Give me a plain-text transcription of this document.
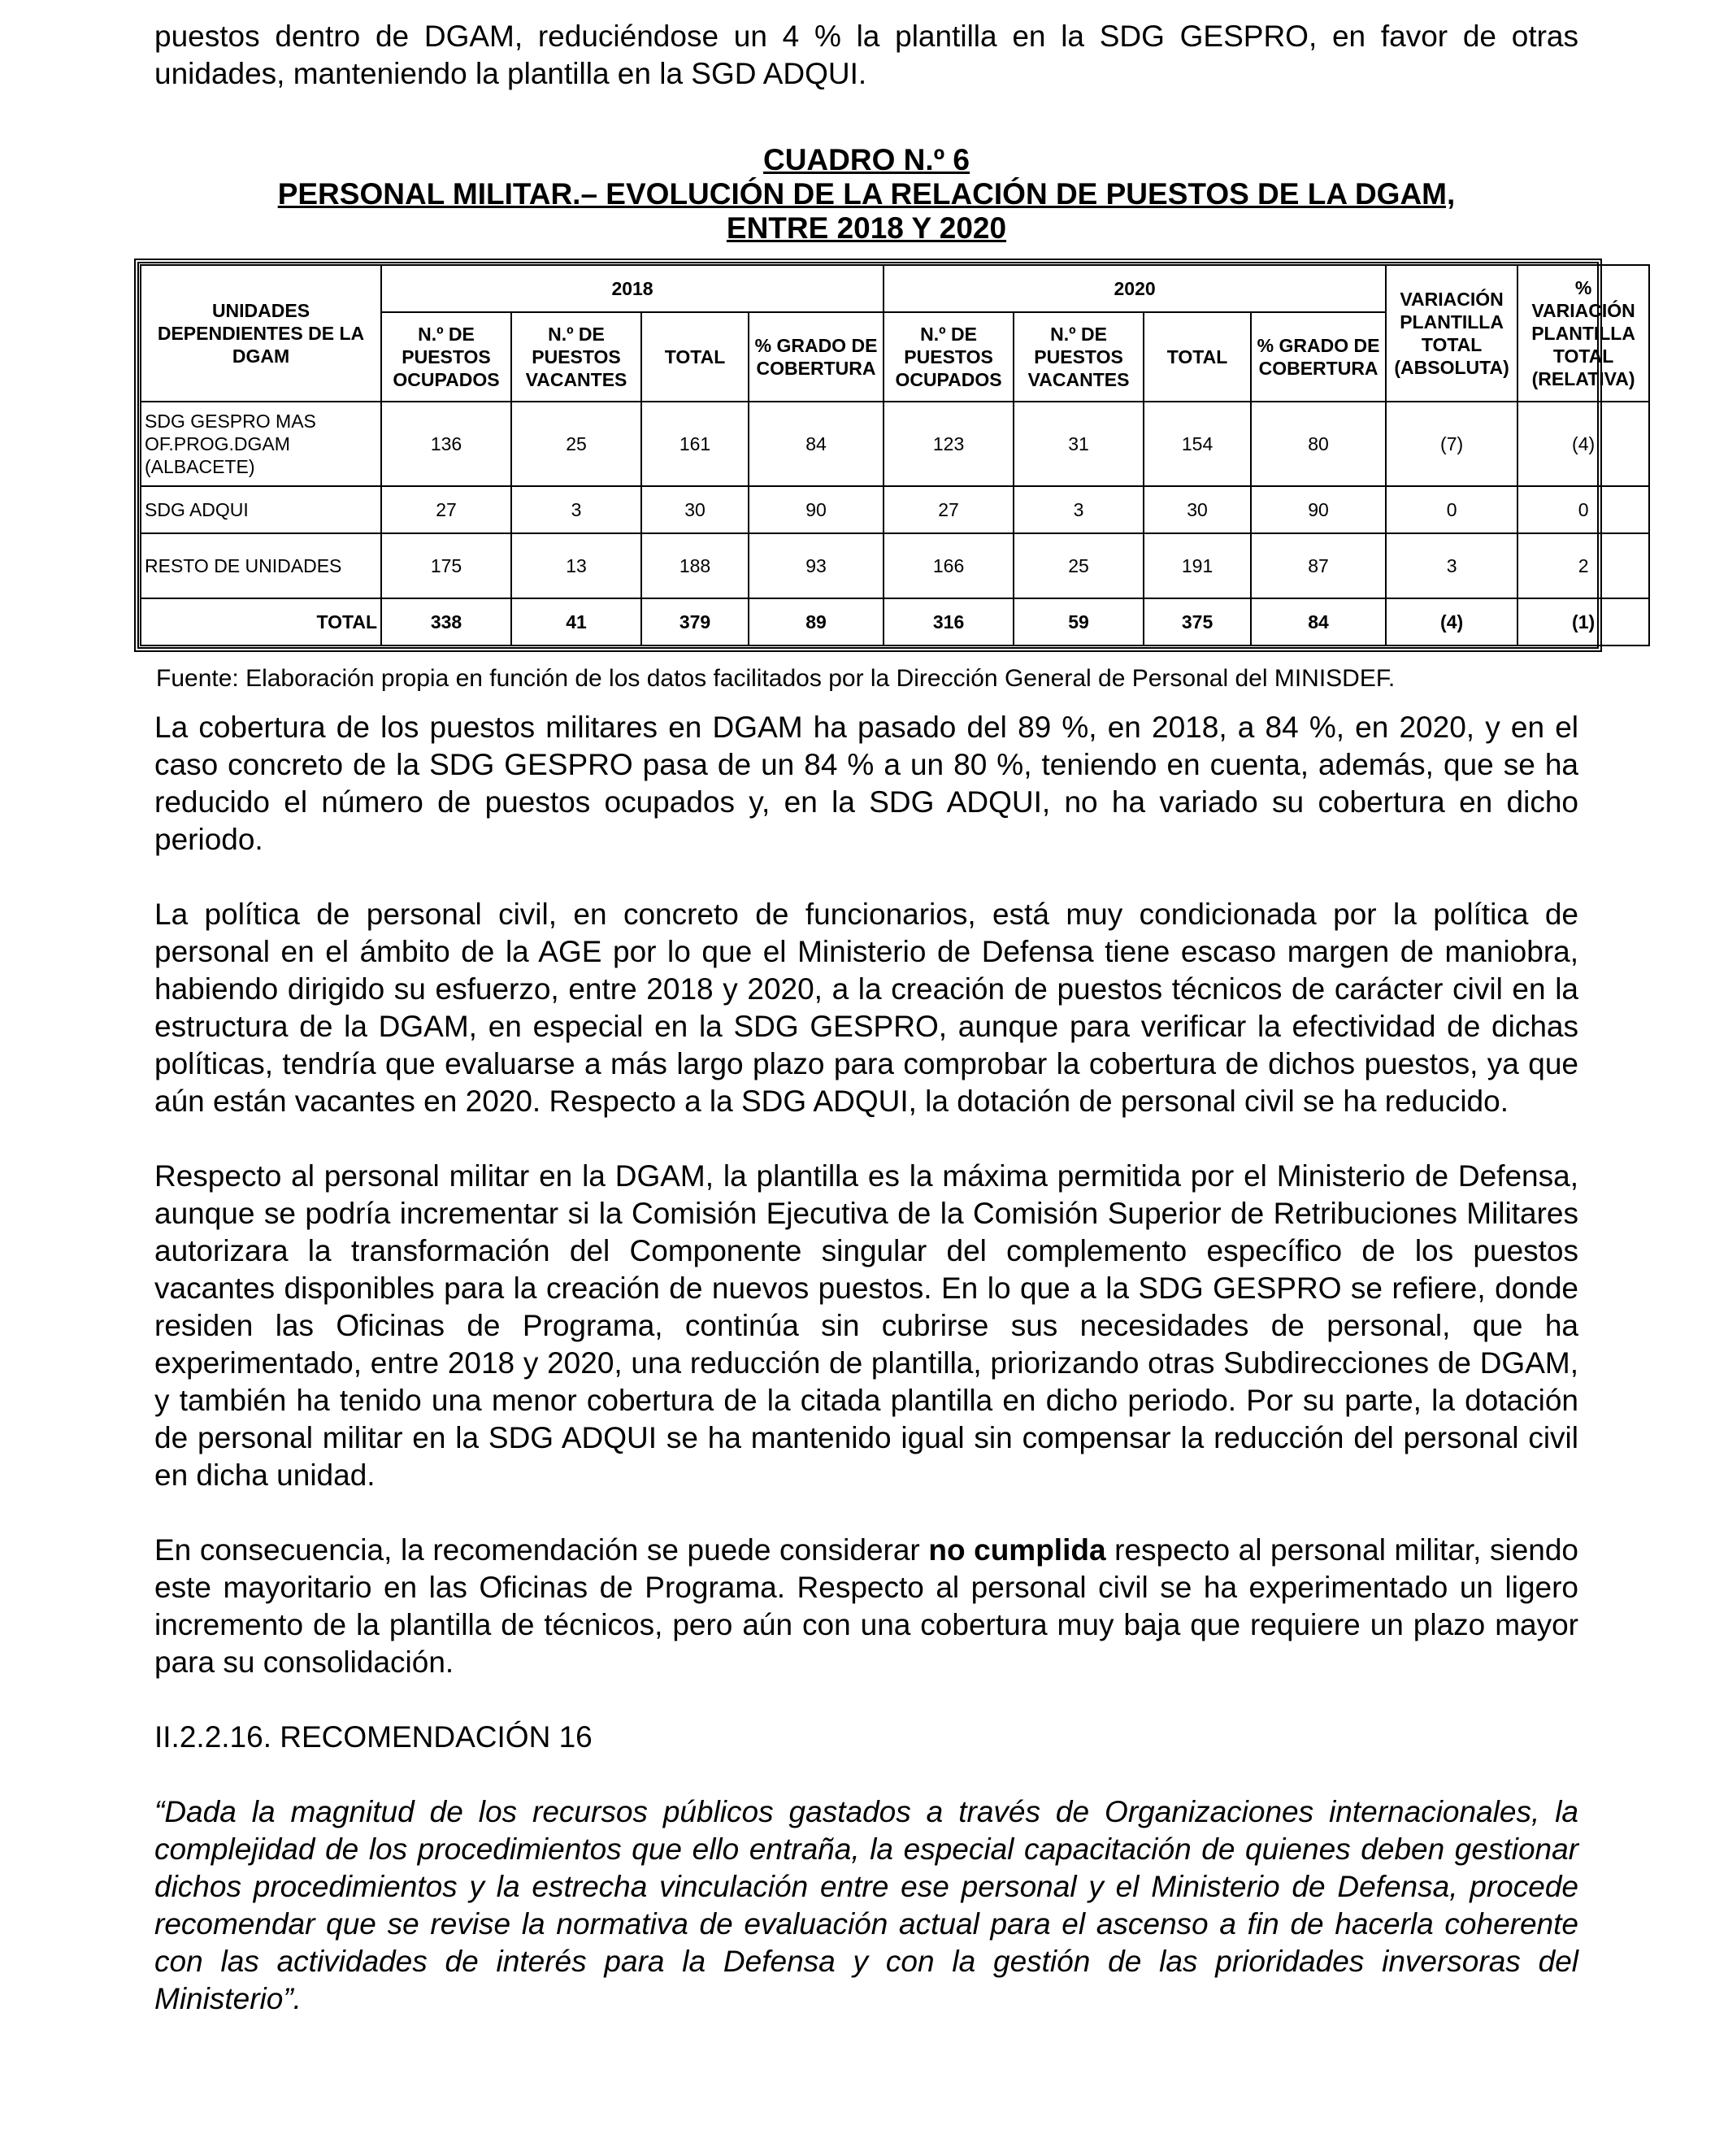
puestos dentro de DGAM, reduciéndose un 4 % la plantilla en la SDG GESPRO, en favor de otras unidades, manteniendo la plantilla en la SGD ADQUI.

CUADRO N.º 6

PERSONAL MILITAR.– EVOLUCIÓN DE LA RELACIÓN DE PUESTOS DE LA DGAM,

ENTRE 2018 Y 2020

UNIDADES DEPENDIENTES DE LA DGAM	2018				2020				VARIACIÓN PLANTILLA TOTAL (ABSOLUTA)	% VARIACIÓN PLANTILLA TOTAL (RELATIVA)
	N.º DE PUESTOS OCUPADOS	N.º DE PUESTOS VACANTES	TOTAL	% GRADO DE COBERTURA	N.º DE PUESTOS OCUPADOS	N.º DE PUESTOS VACANTES	TOTAL	% GRADO DE COBERTURA		
SDG GESPRO MAS OF.PROG.DGAM (ALBACETE)	136	25	161	84	123	31	154	80	(7)	(4)
SDG ADQUI	27	3	30	90	27	3	30	90	0	0
RESTO DE UNIDADES	175	13	188	93	166	25	191	87	3	2
TOTAL	338	41	379	89	316	59	375	84	(4)	(1)
Fuente: Elaboración propia en función de los datos facilitados por la Dirección General de Personal del MINISDEF.

La cobertura de los puestos militares en DGAM ha pasado del 89 %, en 2018, a 84 %, en 2020, y en el caso concreto de la SDG GESPRO pasa de un 84 % a un 80 %, teniendo en cuenta, además, que se ha reducido el número de puestos ocupados y, en la SDG ADQUI, no ha variado su cobertura en dicho periodo.

La política de personal civil, en concreto de funcionarios, está muy condicionada por la política de personal en el ámbito de la AGE por lo que el Ministerio de Defensa tiene escaso margen de maniobra, habiendo dirigido su esfuerzo, entre 2018 y 2020, a la creación de puestos técnicos de carácter civil en la estructura de la DGAM, en especial en la SDG GESPRO, aunque para verificar la efectividad de dichas políticas, tendría que evaluarse a más largo plazo para comprobar la cobertura de dichos puestos, ya que aún están vacantes en 2020. Respecto a la SDG ADQUI, la dotación de personal civil se ha reducido.

Respecto al personal militar en la DGAM, la plantilla es la máxima permitida por el Ministerio de Defensa, aunque se podría incrementar si la Comisión Ejecutiva de la Comisión Superior de Retribuciones Militares autorizara la transformación del Componente singular del complemento específico de los puestos vacantes disponibles para la creación de nuevos puestos. En lo que a la SDG GESPRO se refiere, donde residen las Oficinas de Programa, continúa sin cubrirse sus necesidades de personal, que ha experimentado, entre 2018 y 2020, una reducción de plantilla, priorizando otras Subdirecciones de DGAM, y también ha tenido una menor cobertura de la citada plantilla en dicho periodo. Por su parte, la dotación de personal militar en la SDG ADQUI se ha mantenido igual sin compensar la reducción del personal civil en dicha unidad.

En consecuencia, la recomendación se puede considerar no cumplida respecto al personal militar, siendo este mayoritario en las Oficinas de Programa. Respecto al personal civil se ha experimentado un ligero incremento de la plantilla de técnicos, pero aún con una cobertura muy baja que requiere un plazo mayor para su consolidación.

II.2.2.16. RECOMENDACIÓN 16

“Dada la magnitud de los recursos públicos gastados a través de Organizaciones internacionales, la complejidad de los procedimientos que ello entraña, la especial capacitación de quienes deben gestionar dichos procedimientos y la estrecha vinculación entre ese personal y el Ministerio de Defensa, procede recomendar que se revise la normativa de evaluación actual para el ascenso a fin de hacerla coherente con las actividades de interés para la Defensa y con la gestión de las prioridades inversoras del Ministerio”.
